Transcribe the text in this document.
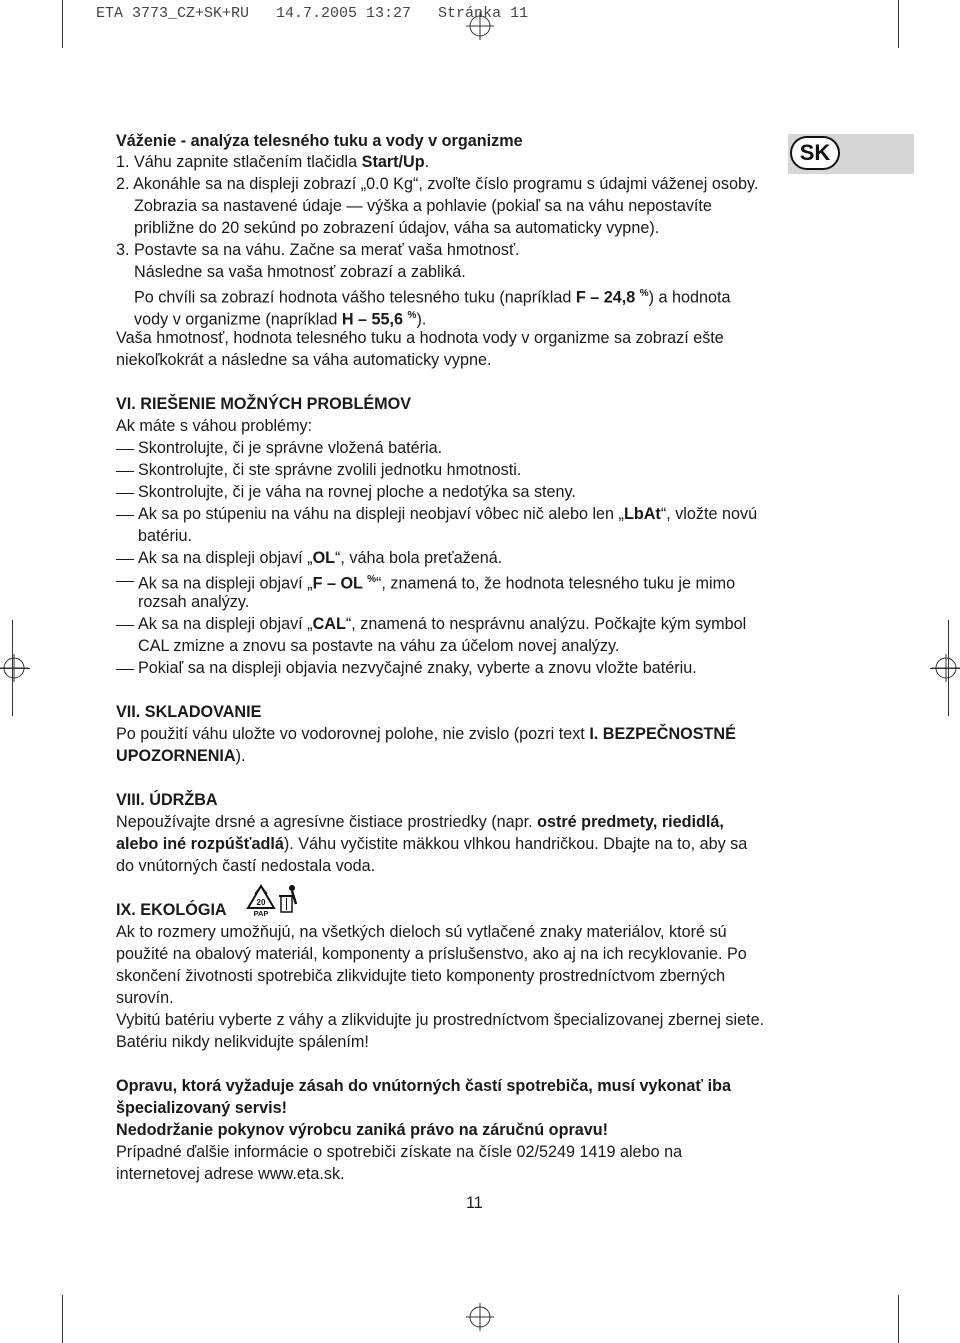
ETA 3773_CZ+SK+RU   14.7.2005 13:27   Stránka 11
SK
Váženie - analýza telesného tuku a vody v organizme
1. Váhu zapnite stlačením tlačidla Start/Up.
2. Akonáhle sa na displeji zobrazí „0.0 Kg“, zvoľte číslo programu s údajmi váženej osoby.
Zobrazia sa nastavené údaje — výška a pohlavie (pokiaľ sa na váhu nepostavíte
približne do 20 sekúnd po zobrazení údajov, váha sa automaticky vypne).
3. Postavte sa na váhu. Začne sa merať vaša hmotnosť.
Následne sa vaša hmotnosť zobrazí a zabliká.
Po chvíli sa zobrazí hodnota vášho telesného tuku (napríklad F – 24,8 %) a hodnota
vody v organizme (napríklad H – 55,6 %).
Vaša hmotnosť, hodnota telesného tuku a hodnota vody v organizme sa zobrazí ešte
niekoľkokrát a následne sa váha automaticky vypne.
VI. RIEŠENIE MOŽNÝCH PROBLÉMOV
Ak máte s váhou problémy:
Skontrolujte, či je správne vložená batéria.
Skontrolujte, či ste správne zvolili jednotku hmotnosti.
Skontrolujte, či je váha na rovnej ploche a nedotýka sa steny.
Ak sa po stúpeniu na váhu na displeji neobjaví vôbec nič alebo len „LbAt“, vložte novú
batériu.
Ak sa na displeji objaví „OL“, váha bola preťažená.
Ak sa na displeji objaví „F – OL %“, znamená to, že hodnota telesného tuku je mimo
rozsah analýzy.
Ak sa na displeji objaví „CAL“, znamená to nesprávnu analýzu. Počkajte kým symbol
CAL zmizne a znovu sa postavte na váhu za účelom novej analýzy.
Pokiaľ sa na displeji objavia nezvyčajné znaky, vyberte a znovu vložte batériu.
VII. SKLADOVANIE
Po použití váhu uložte vo vodorovnej polohe, nie zvislo (pozri text I. BEZPEČNOSTNÉ
UPOZORNENIA).
VIII. ÚDRŽBA
Nepoužívajte drsné a agresívne čistiace prostriedky (napr. ostré predmety, riedidlá,
alebo iné rozpúšťadlá). Váhu vyčistite mäkkou vlhkou handričkou. Dbajte na to, aby sa
do vnútorných častí nedostala voda.
IX. EKOLÓGIA	20
PAP
Ak to rozmery umožňujú, na všetkých dieloch sú vytlačené znaky materiálov, ktoré sú
použité na obalový materiál, komponenty a príslušenstvo, ako aj na ich recyklovanie. Po
skončení životnosti spotrebiča zlikvidujte tieto komponenty prostredníctvom zberných
surovín.
Vybitú batériu vyberte z váhy a zlikvidujte ju prostredníctvom špecializovanej zbernej siete.
Batériu nikdy nelikvidujte spálením!
Opravu, ktorá vyžaduje zásah do vnútorných častí spotrebiča, musí vykonať iba
špecializovaný servis!
Nedodržanie pokynov výrobcu zaniká právo na záručnú opravu!
Prípadné ďalšie informácie o spotrebiči získate na čísle 02/5249 1419 alebo na
internetovej adrese www.eta.sk.
11
